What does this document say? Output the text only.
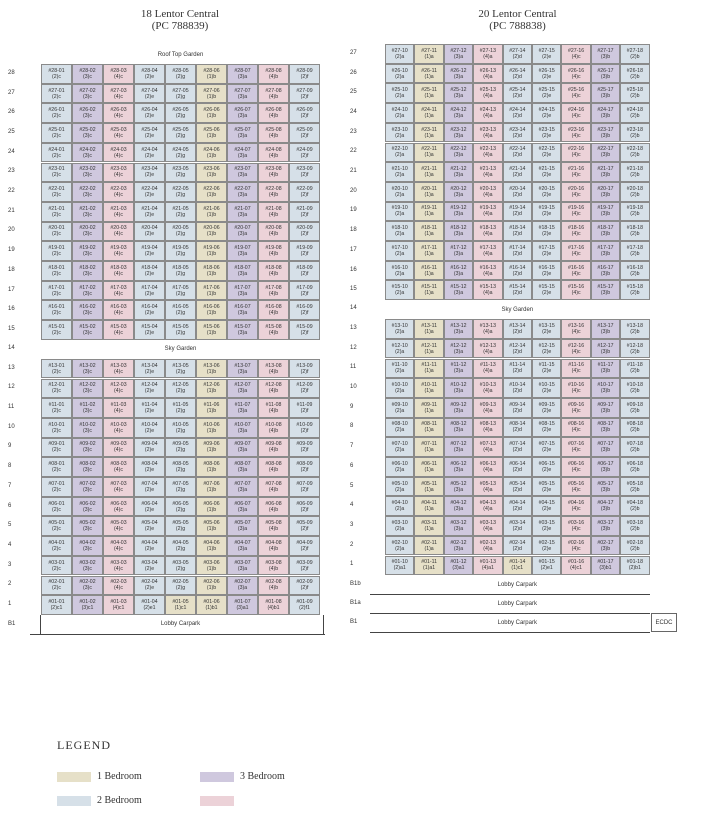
18 Lentor Central
(PC 788839)
20 Lentor Central
(PC 788838)
Roof Top Garden
28	#28-01
(2)c
#28-02
(3)c
#28-03
(4)c
#28-04
(2)e
#28-05
(2)g
#28-06
(1)b
#28-07
(3)a
#28-08
(4)b
#28-09
(2)f
27	#27-01
(2)c
#27-02
(3)c
#27-03
(4)c
#27-04
(2)e
#27-05
(2)g
#27-06
(1)b
#27-07
(3)a
#27-08
(4)b
#27-09
(2)f
26	#26-01
(2)c
#26-02
(3)c
#26-03
(4)c
#26-04
(2)e
#26-05
(2)g
#26-06
(1)b
#26-07
(3)a
#26-08
(4)b
#26-09
(2)f
25	#25-01
(2)c
#25-02
(3)c
#25-03
(4)c
#25-04
(2)e
#25-05
(2)g
#25-06
(1)b
#25-07
(3)a
#25-08
(4)b
#25-09
(2)f
24	#24-01
(2)c
#24-02
(3)c
#24-03
(4)c
#24-04
(2)e
#24-05
(2)g
#24-06
(1)b
#24-07
(3)a
#24-08
(4)b
#24-09
(2)f
23	#23-01
(2)c
#23-02
(3)c
#23-03
(4)c
#23-04
(2)e
#23-05
(2)g
#23-06
(1)b
#23-07
(3)a
#23-08
(4)b
#23-09
(2)f
22	#22-01
(2)c
#22-02
(3)c
#22-03
(4)c
#22-04
(2)e
#22-05
(2)g
#22-06
(1)b
#22-07
(3)a
#22-08
(4)b
#22-09
(2)f
21	#21-01
(2)c
#21-02
(3)c
#21-03
(4)c
#21-04
(2)e
#21-05
(2)g
#21-06
(1)b
#21-07
(3)a
#21-08
(4)b
#21-09
(2)f
20	#20-01
(2)c
#20-02
(3)c
#20-03
(4)c
#20-04
(2)e
#20-05
(2)g
#20-06
(1)b
#20-07
(3)a
#20-08
(4)b
#20-09
(2)f
19	#19-01
(2)c
#19-02
(3)c
#19-03
(4)c
#19-04
(2)e
#19-05
(2)g
#19-06
(1)b
#19-07
(3)a
#19-08
(4)b
#19-09
(2)f
18	#18-01
(2)c
#18-02
(3)c
#18-03
(4)c
#18-04
(2)e
#18-05
(2)g
#18-06
(1)b
#18-07
(3)a
#18-08
(4)b
#18-09
(2)f
17	#17-01
(2)c
#17-02
(3)c
#17-03
(4)c
#17-04
(2)e
#17-05
(2)g
#17-06
(1)b
#17-07
(3)a
#17-08
(4)b
#17-09
(2)f
16	#16-01
(2)c
#16-02
(3)c
#16-03
(4)c
#16-04
(2)e
#16-05
(2)g
#16-06
(1)b
#16-07
(3)a
#16-08
(4)b
#16-09
(2)f
15	#15-01
(2)c
#15-02
(3)c
#15-03
(4)c
#15-04
(2)e
#15-05
(2)g
#15-06
(1)b
#15-07
(3)a
#15-08
(4)b
#15-09
(2)f
14	Sky Garden
13	#13-01
(2)c
#13-02
(3)c
#13-03
(4)c
#13-04
(2)e
#13-05
(2)g
#13-06
(1)b
#13-07
(3)a
#13-08
(4)b
#13-09
(2)f
12	#12-01
(2)c
#12-02
(3)c
#12-03
(4)c
#12-04
(2)e
#12-05
(2)g
#12-06
(1)b
#12-07
(3)a
#12-08
(4)b
#12-09
(2)f
11	#11-01
(2)c
#11-02
(3)c
#11-03
(4)c
#11-04
(2)e
#11-05
(2)g
#11-06
(1)b
#11-07
(3)a
#11-08
(4)b
#11-09
(2)f
10	#10-01
(2)c
#10-02
(3)c
#10-03
(4)c
#10-04
(2)e
#10-05
(2)g
#10-06
(1)b
#10-07
(3)a
#10-08
(4)b
#10-09
(2)f
9	#09-01
(2)c
#09-02
(3)c
#09-03
(4)c
#09-04
(2)e
#09-05
(2)g
#09-06
(1)b
#09-07
(3)a
#09-08
(4)b
#09-09
(2)f
8	#08-01
(2)c
#08-02
(3)c
#08-03
(4)c
#08-04
(2)e
#08-05
(2)g
#08-06
(1)b
#08-07
(3)a
#08-08
(4)b
#08-09
(2)f
7	#07-01
(2)c
#07-02
(3)c
#07-03
(4)c
#07-04
(2)e
#07-05
(2)g
#07-06
(1)b
#07-07
(3)a
#07-08
(4)b
#07-09
(2)f
6	#06-01
(2)c
#06-02
(3)c
#06-03
(4)c
#06-04
(2)e
#06-05
(2)g
#06-06
(1)b
#06-07
(3)a
#06-08
(4)b
#06-09
(2)f
5	#05-01
(2)c
#05-02
(3)c
#05-03
(4)c
#05-04
(2)e
#05-05
(2)g
#05-06
(1)b
#05-07
(3)a
#05-08
(4)b
#05-09
(2)f
4	#04-01
(2)c
#04-02
(3)c
#04-03
(4)c
#04-04
(2)e
#04-05
(2)g
#04-06
(1)b
#04-07
(3)a
#04-08
(4)b
#04-09
(2)f
3	#03-01
(2)c
#03-02
(3)c
#03-03
(4)c
#03-04
(2)e
#03-05
(2)g
#03-06
(1)b
#03-07
(3)a
#03-08
(4)b
#03-09
(2)f
2	#02-01
(2)c
#02-02
(3)c
#02-03
(4)c
#02-04
(2)e
#02-05
(2)g
#02-06
(1)b
#02-07
(3)a
#02-08
(4)b
#02-09
(2)f
1	#01-01
(2)c1
#01-02
(3)c1
#01-03
(4)c1
#01-04
(2)e1
#01-05
(1)c1
#01-06
(1)b1
#01-07
(3)a1
#01-08
(4)b1
#01-09
(2)f1
B1	Lobby Carpark
27	#27-10
(2)a
#27-11
(1)a
#27-12
(3)a
#27-13
(4)a
#27-14
(2)d
#27-15
(2)e
#27-16
(4)c
#27-17
(3)b
#27-18
(2)b
26	#26-10
(2)a
#26-11
(1)a
#26-12
(3)a
#26-13
(4)a
#26-14
(2)d
#26-15
(2)e
#26-16
(4)c
#26-17
(3)b
#26-18
(2)b
25	#25-10
(2)a
#25-11
(1)a
#25-12
(3)a
#25-13
(4)a
#25-14
(2)d
#25-15
(2)e
#25-16
(4)c
#25-17
(3)b
#25-18
(2)b
24	#24-10
(2)a
#24-11
(1)a
#24-12
(3)a
#24-13
(4)a
#24-14
(2)d
#24-15
(2)e
#24-16
(4)c
#24-17
(3)b
#24-18
(2)b
23	#23-10
(2)a
#23-11
(1)a
#23-12
(3)a
#23-13
(4)a
#23-14
(2)d
#23-15
(2)e
#23-16
(4)c
#23-17
(3)b
#23-18
(2)b
22	#22-10
(2)a
#22-11
(1)a
#22-12
(3)a
#22-13
(4)a
#22-14
(2)d
#22-15
(2)e
#22-16
(4)c
#22-17
(3)b
#22-18
(2)b
21	#21-10
(2)a
#21-11
(1)a
#21-12
(3)a
#21-13
(4)a
#21-14
(2)d
#21-15
(2)e
#21-16
(4)c
#21-17
(3)b
#21-18
(2)b
20	#20-10
(2)a
#20-11
(1)a
#20-12
(3)a
#20-13
(4)a
#20-14
(2)d
#20-15
(2)e
#20-16
(4)c
#20-17
(3)b
#20-18
(2)b
19	#19-10
(2)a
#19-11
(1)a
#19-12
(3)a
#19-13
(4)a
#19-14
(2)d
#19-15
(2)e
#19-16
(4)c
#19-17
(3)b
#19-18
(2)b
18	#18-10
(2)a
#18-11
(1)a
#18-12
(3)a
#18-13
(4)a
#18-14
(2)d
#18-15
(2)e
#18-16
(4)c
#18-17
(3)b
#18-18
(2)b
17	#17-10
(2)a
#17-11
(1)a
#17-12
(3)a
#17-13
(4)a
#17-14
(2)d
#17-15
(2)e
#17-16
(4)c
#17-17
(3)b
#17-18
(2)b
16	#16-10
(2)a
#16-11
(1)a
#16-12
(3)a
#16-13
(4)a
#16-14
(2)d
#16-15
(2)e
#16-16
(4)c
#16-17
(3)b
#16-18
(2)b
15	#15-10
(2)a
#15-11
(1)a
#15-12
(3)a
#15-13
(4)a
#15-14
(2)d
#15-15
(2)e
#15-16
(4)c
#15-17
(3)b
#15-18
(2)b
14	Sky Garden
13	#13-10
(2)a
#13-11
(1)a
#13-12
(3)a
#13-13
(4)a
#13-14
(2)d
#13-15
(2)e
#13-16
(4)c
#13-17
(3)b
#13-18
(2)b
12	#12-10
(2)a
#12-11
(1)a
#12-12
(3)a
#12-13
(4)a
#12-14
(2)d
#12-15
(2)e
#12-16
(4)c
#12-17
(3)b
#12-18
(2)b
11	#11-10
(2)a
#11-11
(1)a
#11-12
(3)a
#11-13
(4)a
#11-14
(2)d
#11-15
(2)e
#11-16
(4)c
#11-17
(3)b
#11-18
(2)b
10	#10-10
(2)a
#10-11
(1)a
#10-12
(3)a
#10-13
(4)a
#10-14
(2)d
#10-15
(2)e
#10-16
(4)c
#10-17
(3)b
#10-18
(2)b
9	#09-10
(2)a
#09-11
(1)a
#09-12
(3)a
#09-13
(4)a
#09-14
(2)d
#09-15
(2)e
#09-16
(4)c
#09-17
(3)b
#09-18
(2)b
8	#08-10
(2)a
#08-11
(1)a
#08-12
(3)a
#08-13
(4)a
#08-14
(2)d
#08-15
(2)e
#08-16
(4)c
#08-17
(3)b
#08-18
(2)b
7	#07-10
(2)a
#07-11
(1)a
#07-12
(3)a
#07-13
(4)a
#07-14
(2)d
#07-15
(2)e
#07-16
(4)c
#07-17
(3)b
#07-18
(2)b
6	#06-10
(2)a
#06-11
(1)a
#06-12
(3)a
#06-13
(4)a
#06-14
(2)d
#06-15
(2)e
#06-16
(4)c
#06-17
(3)b
#06-18
(2)b
5	#05-10
(2)a
#05-11
(1)a
#05-12
(3)a
#05-13
(4)a
#05-14
(2)d
#05-15
(2)e
#05-16
(4)c
#05-17
(3)b
#05-18
(2)b
4	#04-10
(2)a
#04-11
(1)a
#04-12
(3)a
#04-13
(4)a
#04-14
(2)d
#04-15
(2)e
#04-16
(4)c
#04-17
(3)b
#04-18
(2)b
3	#03-10
(2)a
#03-11
(1)a
#03-12
(3)a
#03-13
(4)a
#03-14
(2)d
#03-15
(2)e
#03-16
(4)c
#03-17
(3)b
#03-18
(2)b
2	#02-10
(2)a
#02-11
(1)a
#02-12
(3)a
#02-13
(4)a
#02-14
(2)d
#02-15
(2)e
#02-16
(4)c
#02-17
(3)b
#02-18
(2)b
1	#01-10
(2)a1
#01-11
(1)a1
#01-12
(3)a1
#01-13
(4)a1
#01-14
(1)c1
#01-15
(2)e1
#01-16
(4)c1
#01-17
(3)b1
#01-18
(2)b1
B1b	Lobby Carpark
B1a	Lobby Carpark
B1	Lobby Carpark	ECDC
LEGEND
1 Bedroom	3 Bedroom
2 Bedroom
